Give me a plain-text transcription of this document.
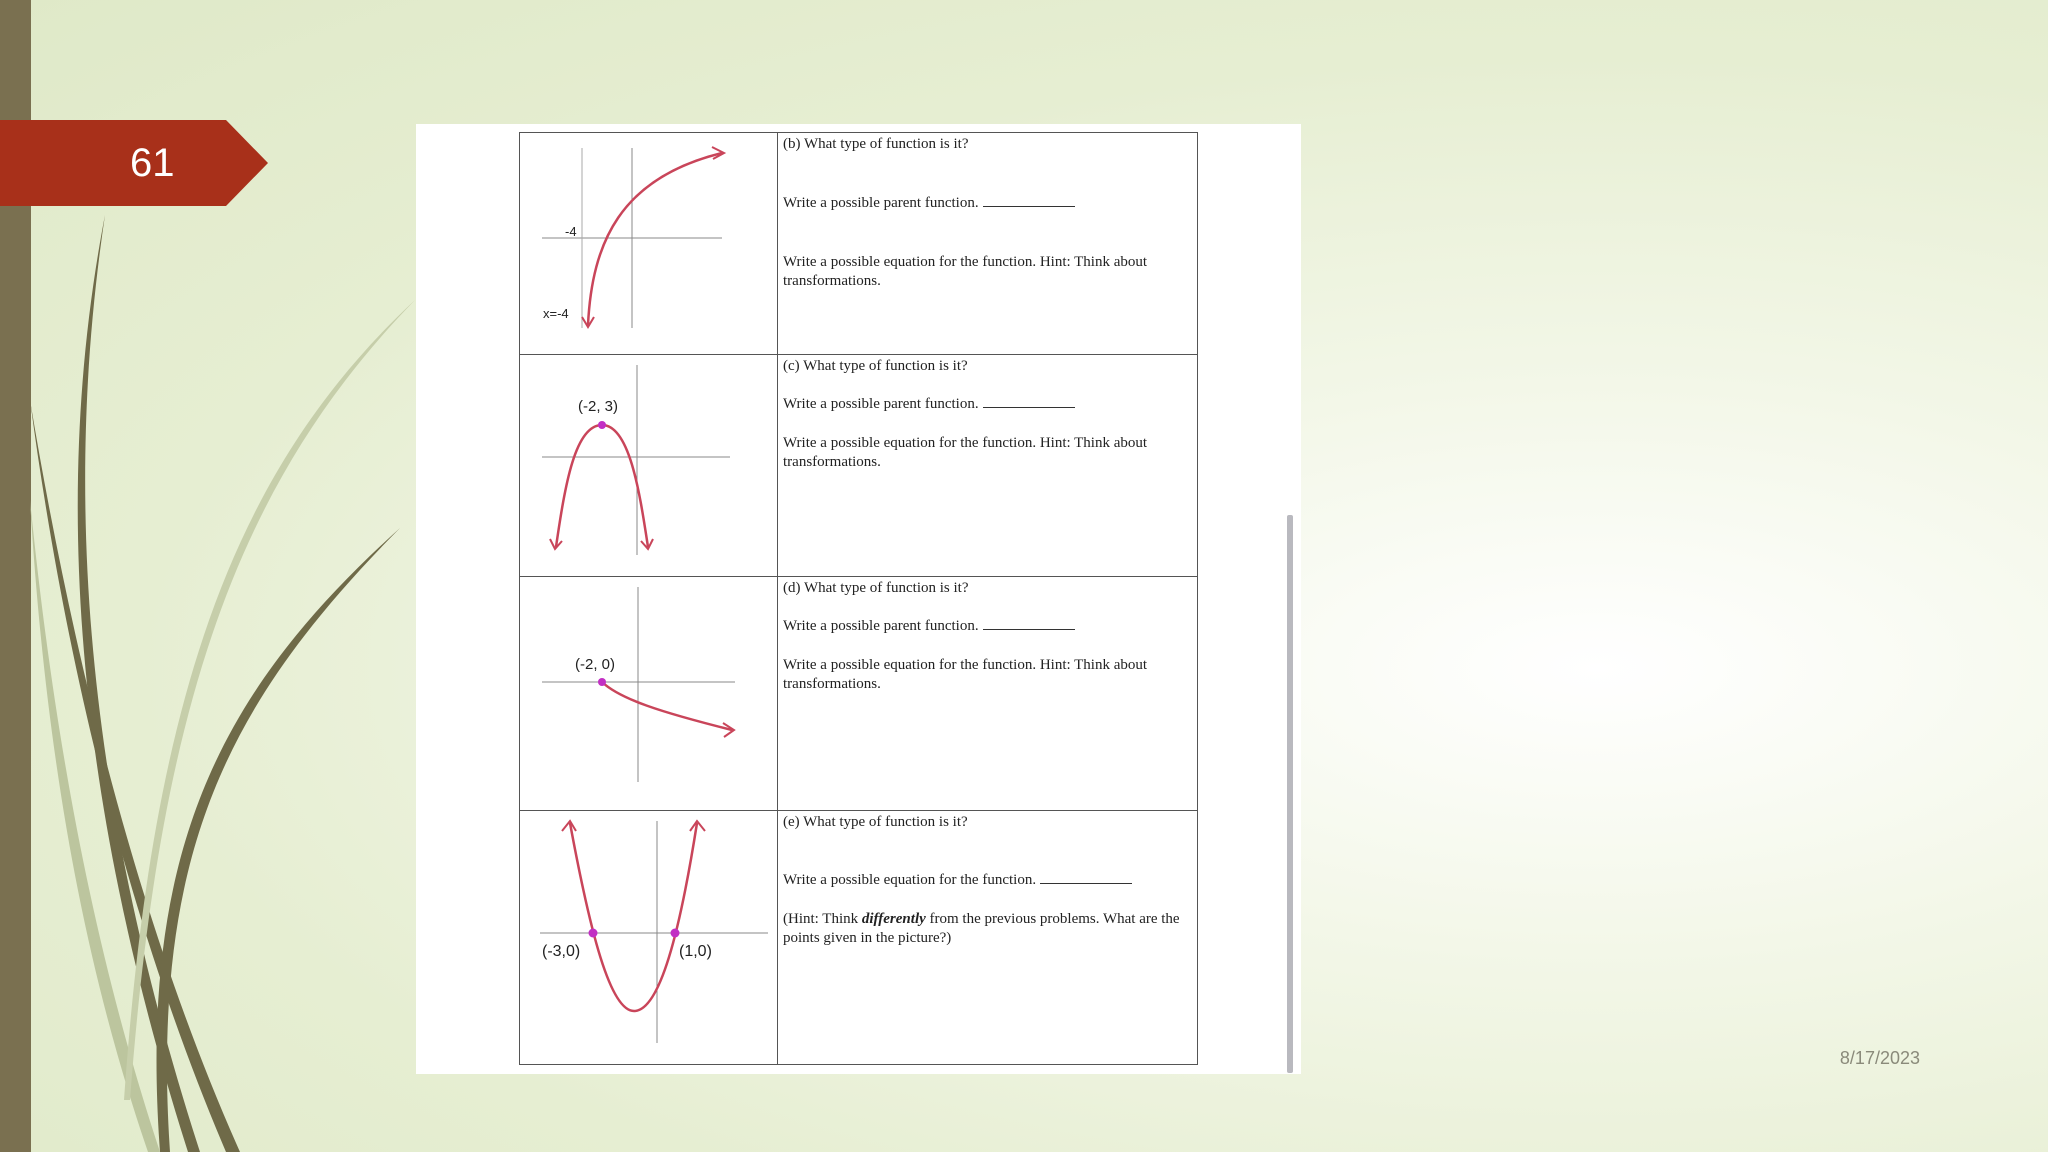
61
-4
x=-4

(b) What type of function is it?

Write a possible parent function.

Write a possible equation for the function. Hint: Think about transformations.

(-2, 3)

(c) What type of function is it?

Write a possible parent function.

Write a possible equation for the function. Hint: Think about transformations.

(-2, 0)

(d) What type of function is it?

Write a possible parent function.

Write a possible equation for the function. Hint: Think about transformations.

(-3,0)	(1,0)

(e) What type of function is it?

Write a possible equation for the function.

(Hint: Think differently from the previous problems. What are the points given in the picture?)

8/17/2023
